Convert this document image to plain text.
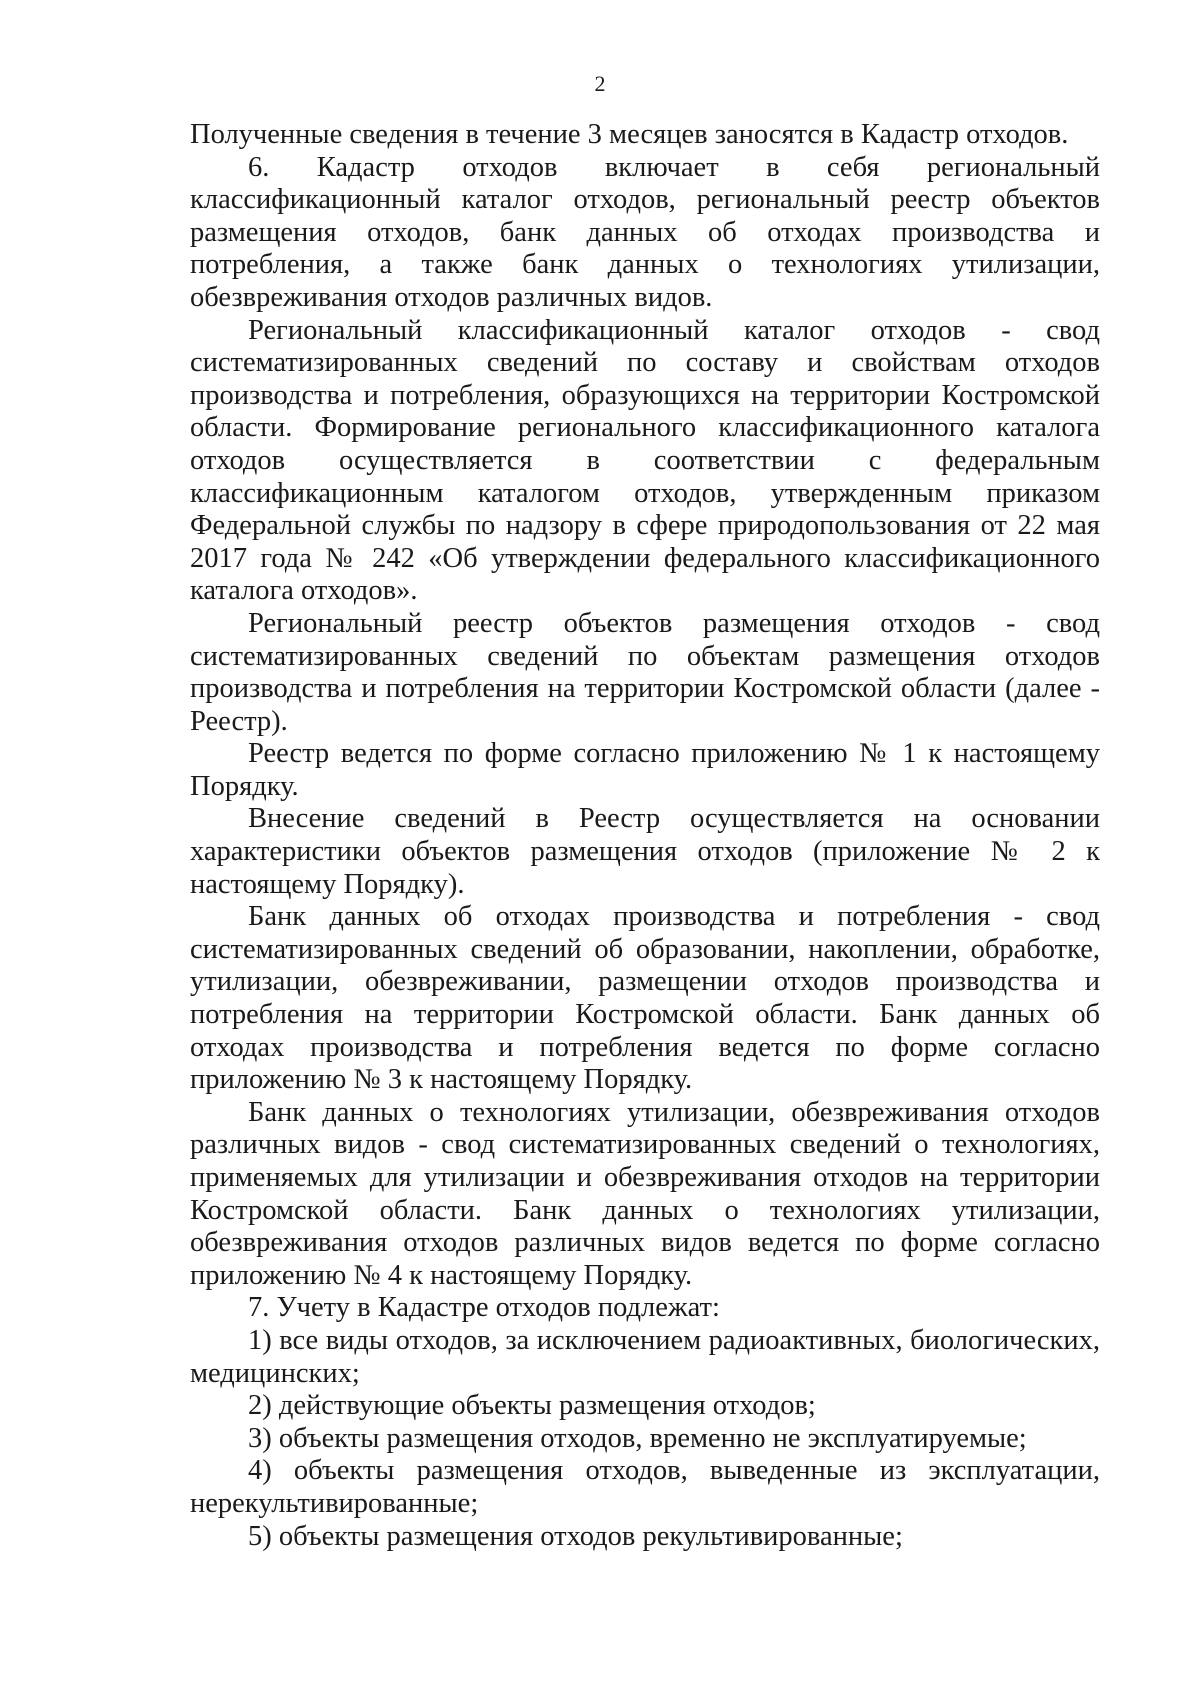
2

Полученные сведения в течение 3 месяцев заносятся в Кадастр отходов.

6. Кадастр отходов включает в себя региональный классификационный каталог отходов, региональный реестр объектов размещения отходов, банк данных об отходах производства и потребления, а также банк данных о технологиях утилизации, обезвреживания отходов различных видов.

Региональный классификационный каталог отходов - свод систематизированных сведений по составу и свойствам отходов производства и потребления, образующихся на территории Костромской области. Формирование регионального классификационного каталога отходов осуществляется в соответствии с федеральным классификационным каталогом отходов, утвержденным приказом Федеральной службы по надзору в сфере природопользования от 22 мая 2017 года № 242 «Об утверждении федерального классификационного каталога отходов».

Региональный реестр объектов размещения отходов - свод систематизированных сведений по объектам размещения отходов производства и потребления на территории Костромской области (далее - Реестр).

Реестр ведется по форме согласно приложению № 1 к настоящему Порядку.

Внесение сведений в Реестр осуществляется на основании характеристики объектов размещения отходов (приложение № 2 к настоящему Порядку).

Банк данных об отходах производства и потребления - свод систематизированных сведений об образовании, накоплении, обработке, утилизации, обезвреживании, размещении отходов производства и потребления на территории Костромской области. Банк данных об отходах производства и потребления ведется по форме согласно приложению № 3 к настоящему Порядку.

Банк данных о технологиях утилизации, обезвреживания отходов различных видов - свод систематизированных сведений о технологиях, применяемых для утилизации и обезвреживания отходов на территории Костромской области. Банк данных о технологиях утилизации, обезвреживания отходов различных видов ведется по форме согласно приложению № 4 к настоящему Порядку.

7. Учету в Кадастре отходов подлежат:

1) все виды отходов, за исключением радиоактивных, биологических, медицинских;

2) действующие объекты размещения отходов;

3) объекты размещения отходов, временно не эксплуатируемые;

4) объекты размещения отходов, выведенные из эксплуатации, нерекультивированные;

5) объекты размещения отходов рекультивированные;
